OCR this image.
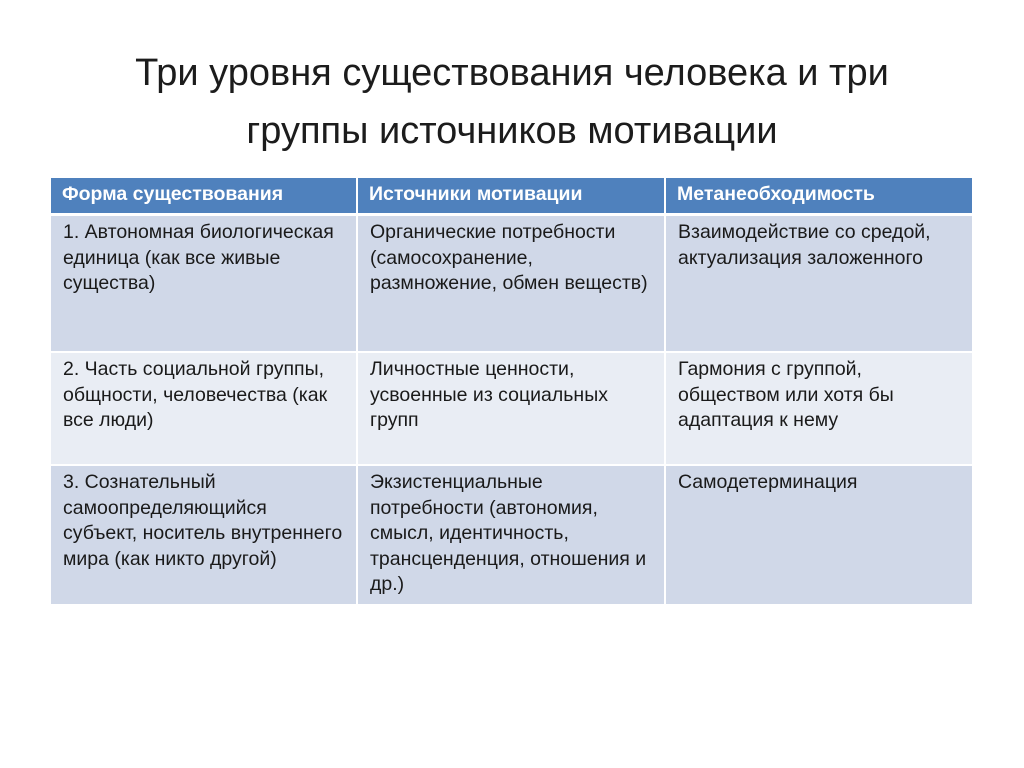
Три уровня существования человека и три
группы источников мотивации
Форма существования	Источники мотивации	Метанеобходимость
1. Автономная биологическая единица (как все живые существа)	Органические потребности (самосохранение, размножение, обмен веществ)	Взаимодействие со средой, актуализация заложенного
2. Часть социальной группы, общности, человечества (как все люди)	Личностные ценности, усвоенные из социальных групп	Гармония с группой, обществом или хотя бы адаптация к нему
3. Сознательный самоопределяющийся субъект, носитель внутреннего мира (как никто другой)	Экзистенциальные потребности (автономия, смысл, идентичность, трансценденция, отношения и др.)	Самодетерминация
